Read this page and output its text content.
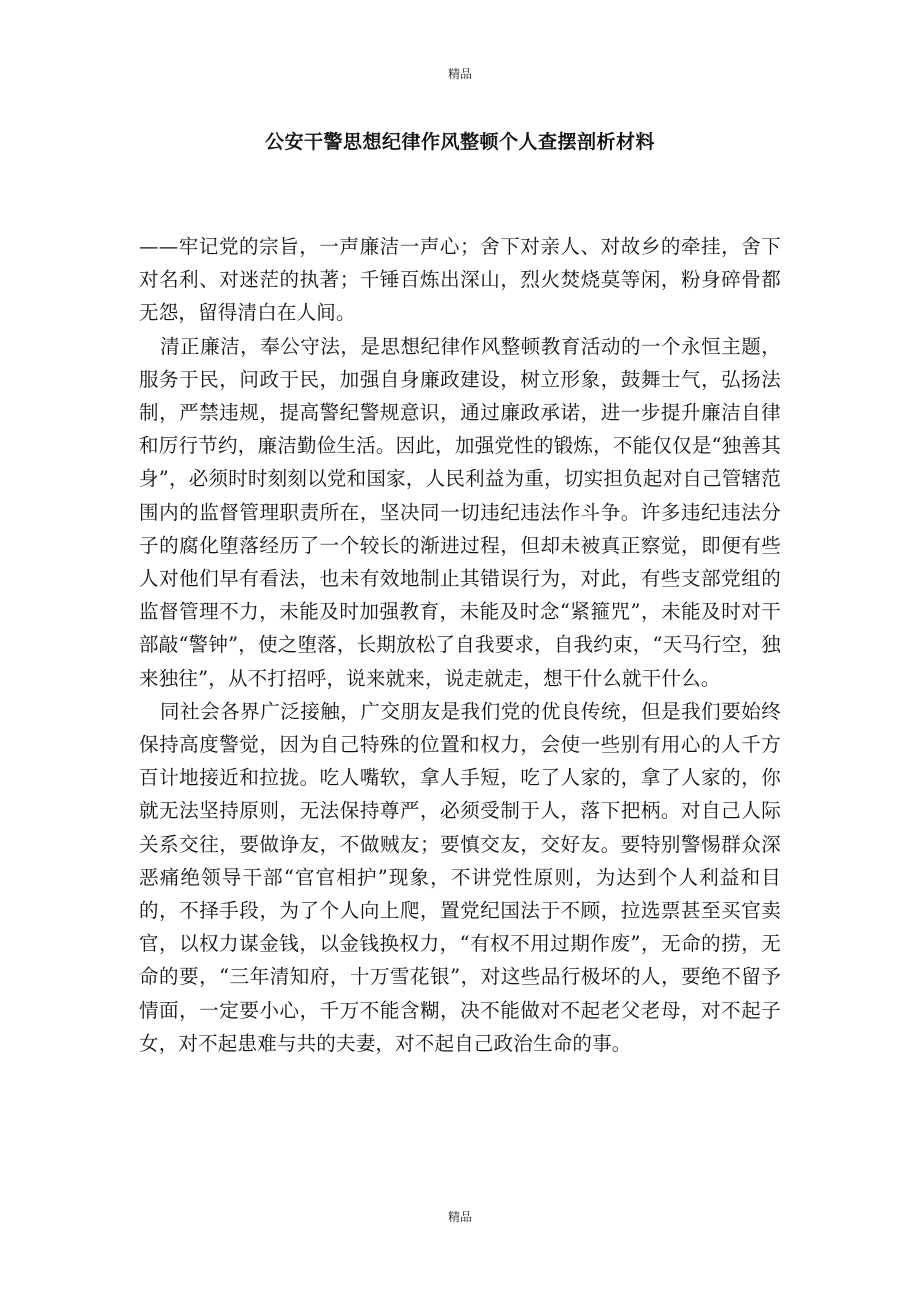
精品
公安干警思想纪律作风整顿个人查摆剖析材料

——牢记党的宗旨，一声廉洁一声心；舍下对亲人、对故乡的牵挂，舍下对名利、对迷茫的执著；千锤百炼出深山，烈火焚烧莫等闲，粉身碎骨都无怨，留得清白在人间。

清正廉洁，奉公守法，是思想纪律作风整顿教育活动的一个永恒主题，服务于民，问政于民，加强自身廉政建设，树立形象，鼓舞士气，弘扬法制，严禁违规，提高警纪警规意识，通过廉政承诺，进一步提升廉洁自律和厉行节约，廉洁勤俭生活。因此，加强党性的锻炼，不能仅仅是“独善其身”，必须时时刻刻以党和国家，人民利益为重，切实担负起对自己管辖范围内的监督管理职责所在，坚决同一切违纪违法作斗争。许多违纪违法分子的腐化堕落经历了一个较长的渐进过程，但却未被真正察觉，即便有些人对他们早有看法，也未有效地制止其错误行为，对此，有些支部党组的监督管理不力，未能及时加强教育，未能及时念“紧箍咒”，未能及时对干部敲“警钟”，使之堕落，长期放松了自我要求，自我约束，“天马行空，独来独往”，从不打招呼，说来就来，说走就走，想干什么就干什么。

同社会各界广泛接触，广交朋友是我们党的优良传统，但是我们要始终保持高度警觉，因为自己特殊的位置和权力，会使一些别有用心的人千方百计地接近和拉拢。吃人嘴软，拿人手短，吃了人家的，拿了人家的，你就无法坚持原则，无法保持尊严，必须受制于人，落下把柄。对自己人际关系交往，要做诤友，不做贼友；要慎交友，交好友。要特别警惕群众深恶痛绝领导干部“官官相护”现象，不讲党性原则，为达到个人利益和目的，不择手段，为了个人向上爬，置党纪国法于不顾，拉选票甚至买官卖官，以权力谋金钱，以金钱换权力，“有权不用过期作废”，无命的捞，无命的要，“三年清知府，十万雪花银”，对这些品行极坏的人，要绝不留予情面，一定要小心，千万不能含糊，决不能做对不起老父老母，对不起子女，对不起患难与共的夫妻，对不起自己政治生命的事。

精品
